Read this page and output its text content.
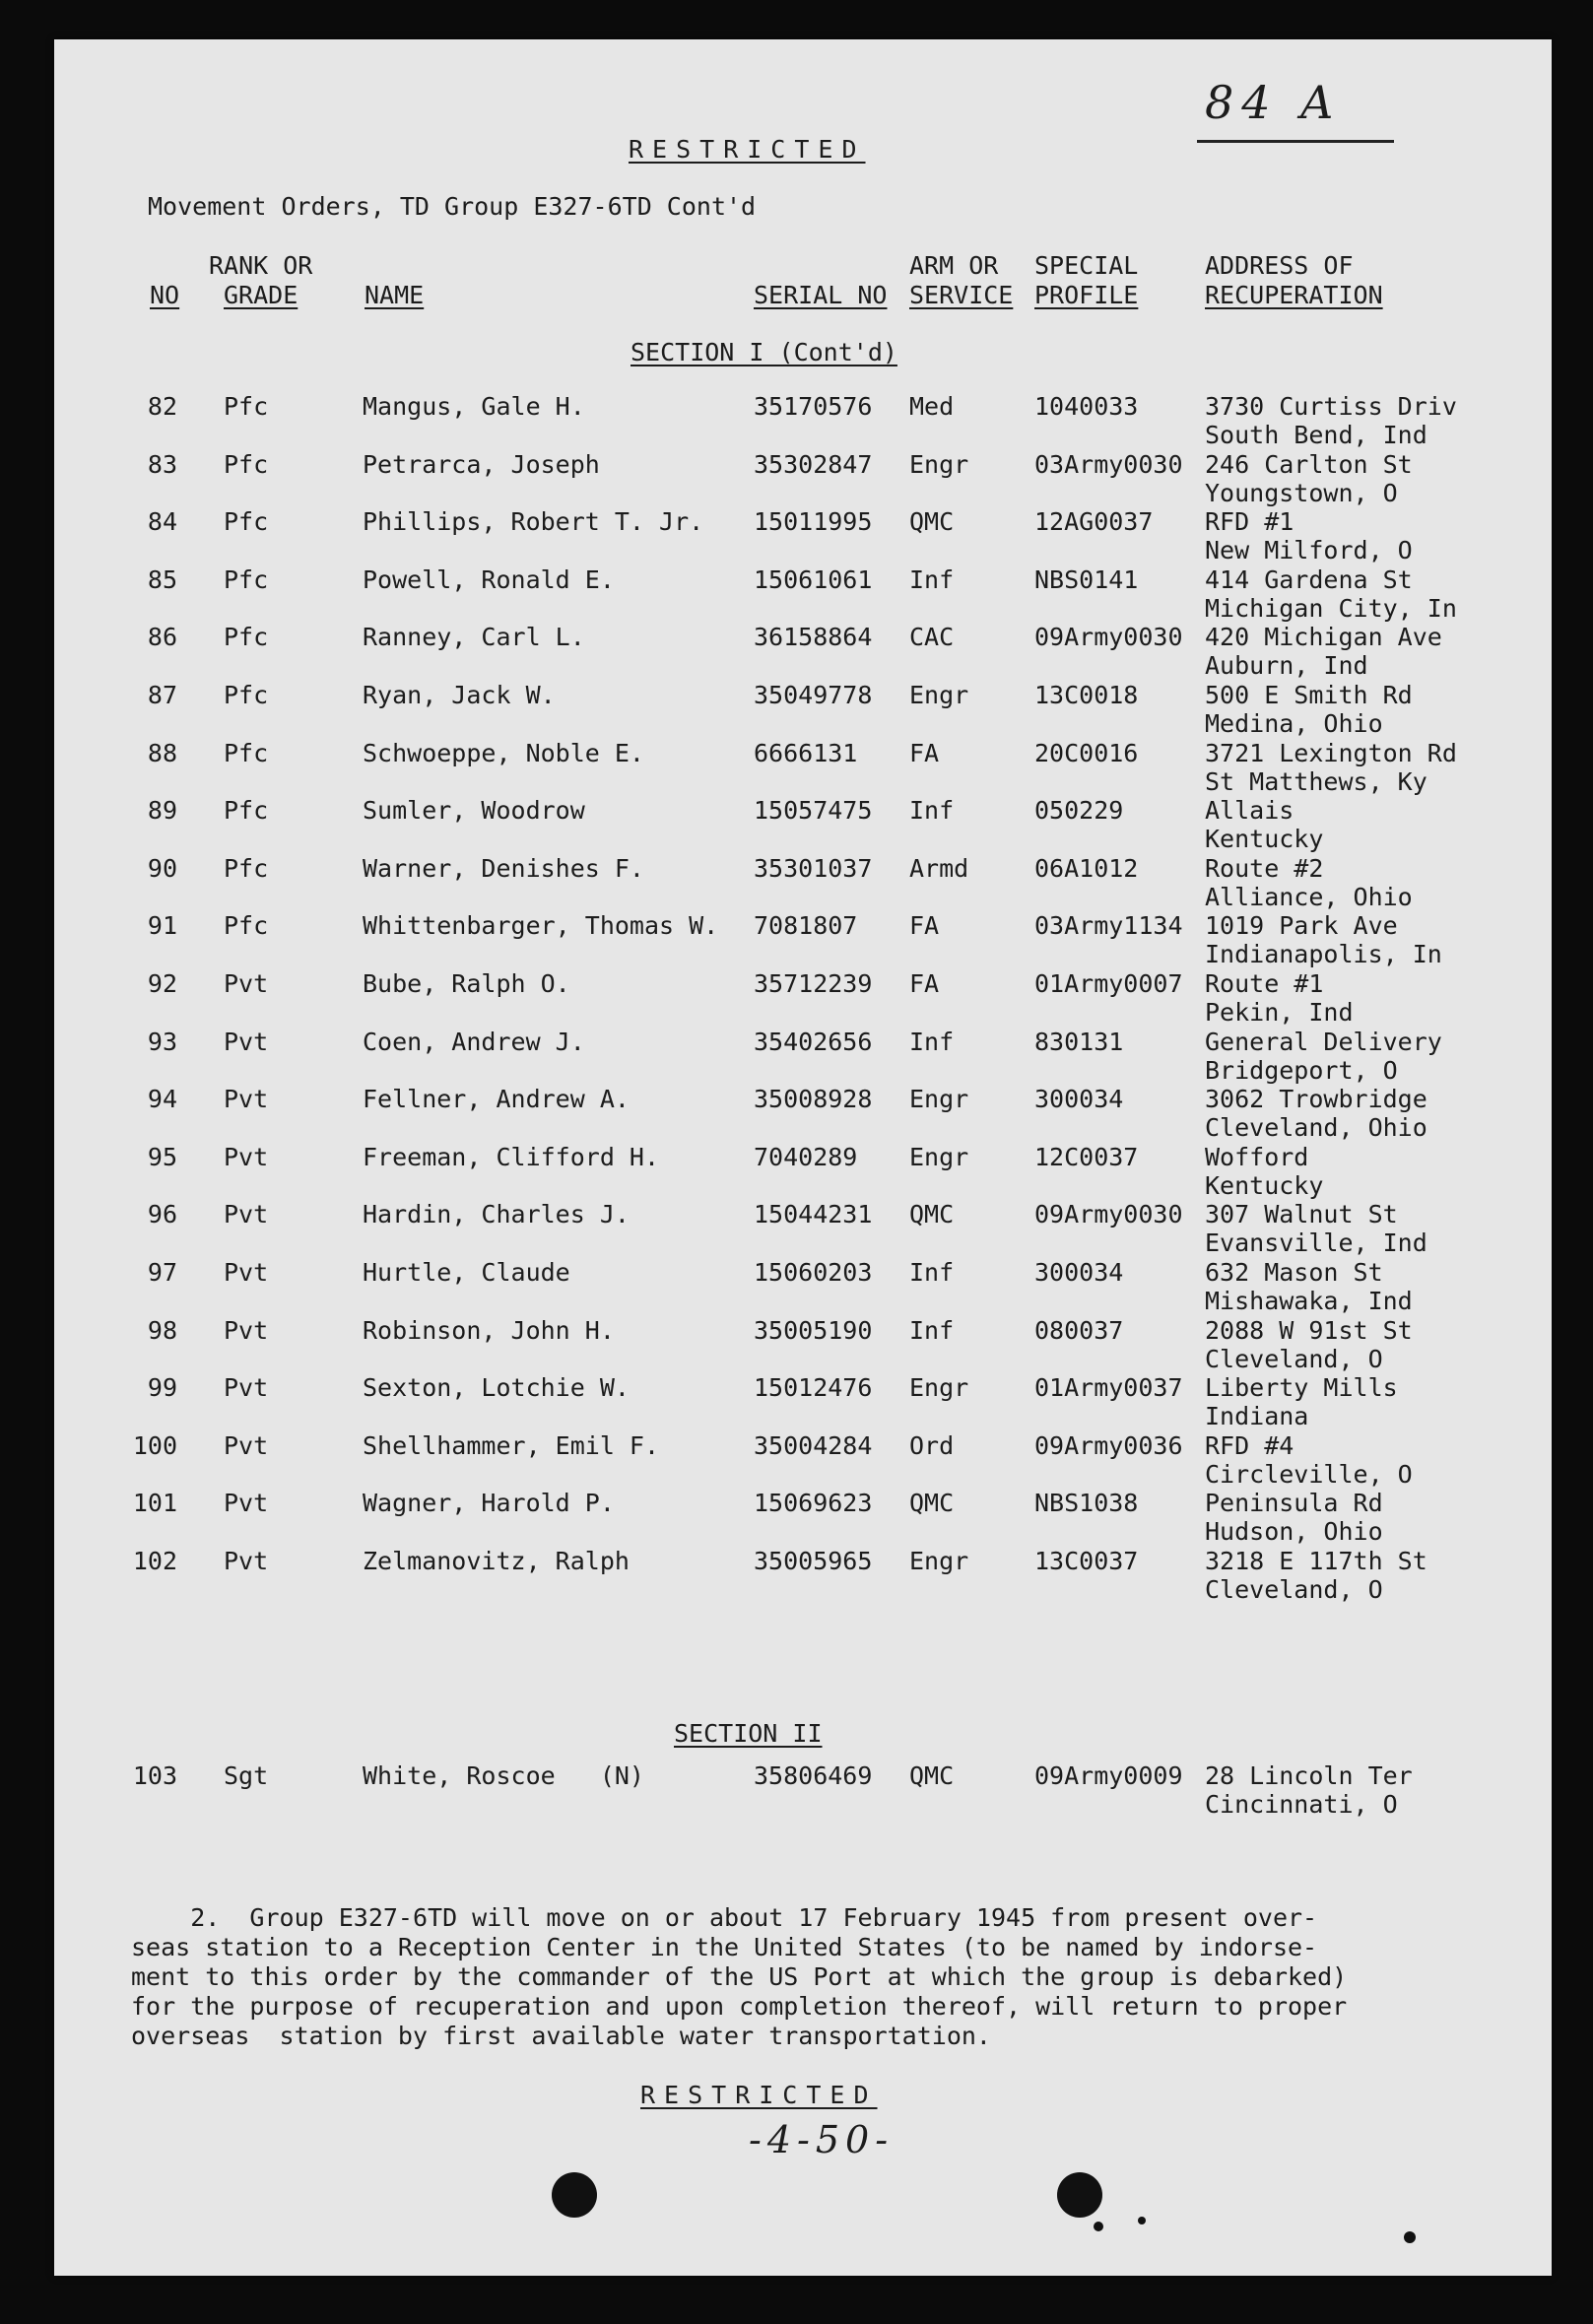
84 A
RESTRICTED
Movement Orders, TD Group E327-6TD Cont'd
RANK OR	ARM OR SPECIAL	ADDRESS OF
NO GRADE	NAME	SERIAL NO SERVICE PROFILE	RECUPERATION
SECTION I (Cont'd)
82 Pfc	Mangus, Gale H.	35170576 Med	1040033	3730 Curtiss Driv
South Bend, Ind
83 Pfc	Petrarca, Joseph	35302847 Engr	03Army0030 246 Carlton St
Youngstown, O
84 Pfc	Phillips, Robert T. Jr. 15011995 QMC	12AG0037 RFD #1
New Milford, O
85 Pfc	Powell, Ronald E.	15061061 Inf	NBS0141	414 Gardena St
Michigan City, In
86 Pfc	Ranney, Carl L.	36158864 CAC	09Army0030 420 Michigan Ave
Auburn, Ind
87 Pfc	Ryan, Jack W.	35049778 Engr	13C0018	500 E Smith Rd
Medina, Ohio
88 Pfc	Schwoeppe, Noble E.	6666131 FA	20C0016	3721 Lexington Rd
St Matthews, Ky
89 Pfc	Sumler, Woodrow	15057475 Inf	050229	Allais
Kentucky
90 Pfc	Warner, Denishes F.	35301037 Armd	06A1012	Route #2
Alliance, Ohio
91 Pfc	Whittenbarger, Thomas W. 7081807 FA	03Army1134 1019 Park Ave
Indianapolis, In
92 Pvt	Bube, Ralph O.	35712239 FA	01Army0007 Route #1
Pekin, Ind
93 Pvt	Coen, Andrew J.	35402656 Inf	830131	General Delivery
Bridgeport, O
94 Pvt	Fellner, Andrew A.	35008928 Engr	300034	3062 Trowbridge
Cleveland, Ohio
95 Pvt	Freeman, Clifford H.	7040289 Engr	12C0037	Wofford
Kentucky
96 Pvt	Hardin, Charles J.	15044231 QMC	09Army0030 307 Walnut St
Evansville, Ind
97 Pvt	Hurtle, Claude	15060203 Inf	300034	632 Mason St
Mishawaka, Ind
98 Pvt	Robinson, John H.	35005190 Inf	080037	2088 W 91st St
Cleveland, O
99 Pvt	Sexton, Lotchie W.	15012476 Engr	01Army0037 Liberty Mills
Indiana
100 Pvt	Shellhammer, Emil F.	35004284 Ord	09Army0036 RFD #4
Circleville, O
101 Pvt	Wagner, Harold P.	15069623 QMC	NBS1038	Peninsula Rd
Hudson, Ohio
102 Pvt	Zelmanovitz, Ralph	35005965 Engr	13C0037	3218 E 117th St
Cleveland, O
SECTION II
103 Sgt	White, Roscoe   (N)	35806469 QMC	09Army0009 28 Lincoln Ter
Cincinnati, O
2.  Group E327-6TD will move on or about 17 February 1945 from present over-
seas station to a Reception Center in the United States (to be named by indorse-
ment to this order by the commander of the US Port at which the group is debarked)
for the purpose of recuperation and upon completion thereof, will return to proper
overseas  station by first available water transportation.
RESTRICTED
-4-50-
